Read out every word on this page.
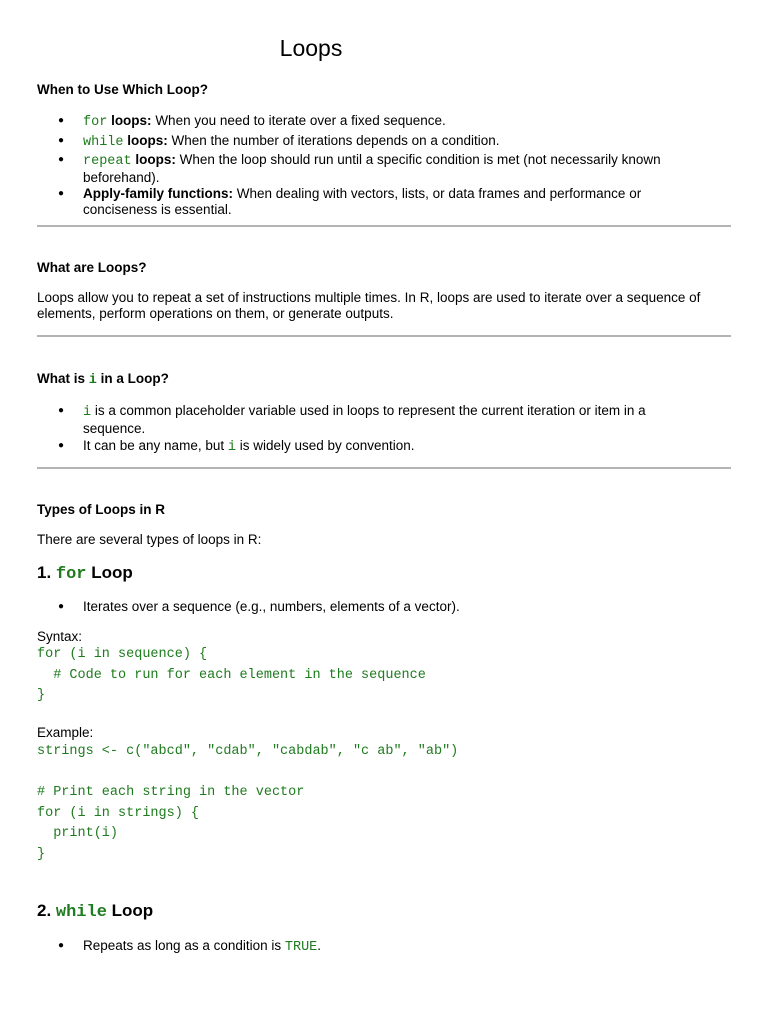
Loops
When to Use Which Loop?
● for loops: When you need to iterate over a fixed sequence.
● while loops: When the number of iterations depends on a condition.
● repeat loops: When the loop should run until a specific condition is met (not necessarily known beforehand).
● Apply-family functions: When dealing with vectors, lists, or data frames and performance or conciseness is essential.
What are Loops?

Loops allow you to repeat a set of instructions multiple times. In R, loops are used to iterate over a sequence of elements, perform operations on them, or generate outputs.

What is i in a Loop?
● i is a common placeholder variable used in loops to represent the current iteration or item in a sequence.
● It can be any name, but i is widely used by convention.
Types of Loops in R

There are several types of loops in R:

1. for Loop
● Iterates over a sequence (e.g., numbers, elements of a vector).

Syntax:

for (i in sequence) {
# Code to run for each element in the sequence
}

Example:

strings <- c("abcd", "cdab", "cabdab", "c ab", "ab")

# Print each string in the vector
for (i in strings) {
print(i)
}
2. while Loop
● Repeats as long as a condition is TRUE.
